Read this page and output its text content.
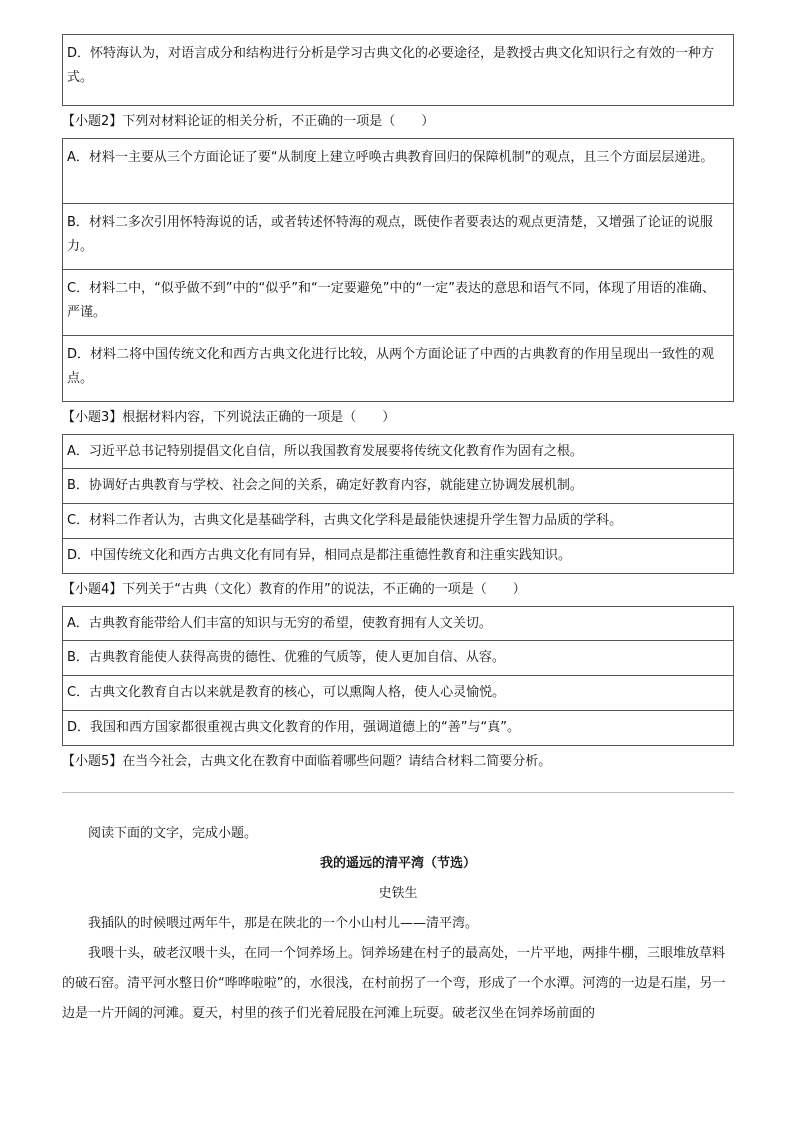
D．怀特海认为，对语言成分和结构进行分析是学习古典文化的必要途径，是教授古典文化知识行之有效的一种方式。
【小题2】下列对材料论证的相关分析，不正确的一项是（　　）
A．材料一主要从三个方面论证了要“从制度上建立呼唤古典教育回归的保障机制”的观点，且三个方面层层递进。
B．材料二多次引用怀特海说的话，或者转述怀特海的观点，既使作者要表达的观点更清楚，又增强了论证的说服力。
C．材料二中，“似乎做不到”中的“似乎”和“一定要避免”中的“一定”表达的意思和语气不同，体现了用语的准确、严谨。
D．材料二将中国传统文化和西方古典文化进行比较，从两个方面论证了中西的古典教育的作用呈现出一致性的观点。
【小题3】根据材料内容，下列说法正确的一项是（　　）
A．习近平总书记特别提倡文化自信，所以我国教育发展要将传统文化教育作为固有之根。
B．协调好古典教育与学校、社会之间的关系，确定好教育内容，就能建立协调发展机制。
C．材料二作者认为，古典文化是基础学科，古典文化学科是最能快速提升学生智力品质的学科。
D．中国传统文化和西方古典文化有同有异，相同点是都注重德性教育和注重实践知识。
【小题4】下列关于“古典（文化）教育的作用”的说法，不正确的一项是（　　）
A．古典教育能带给人们丰富的知识与无穷的希望，使教育拥有人文关切。
B．古典教育能使人获得高贵的德性、优雅的气质等，使人更加自信、从容。
C．古典文化教育自古以来就是教育的核心，可以熏陶人格，使人心灵愉悦。
D．我国和西方国家都很重视古典文化教育的作用，强调道德上的“善”与“真”。
【小题5】在当今社会，古典文化在教育中面临着哪些问题？请结合材料二简要分析。

阅读下面的文字，完成小题。

我的遥远的清平湾（节选）
史铁生

我插队的时候喂过两年牛，那是在陕北的一个小山村儿——清平湾。

我喂十头，破老汉喂十头，在同一个饲养场上。饲养场建在村子的最高处，一片平地，两排牛棚，三眼堆放草料的破石窑。清平河水整日价“哗哗啦啦”的，水很浅，在村前拐了一个弯，形成了一个水潭。河湾的一边是石崖，另一边是一片开阔的河滩。夏天，村里的孩子们光着屁股在河滩上玩耍。破老汉坐在饲养场前面的
